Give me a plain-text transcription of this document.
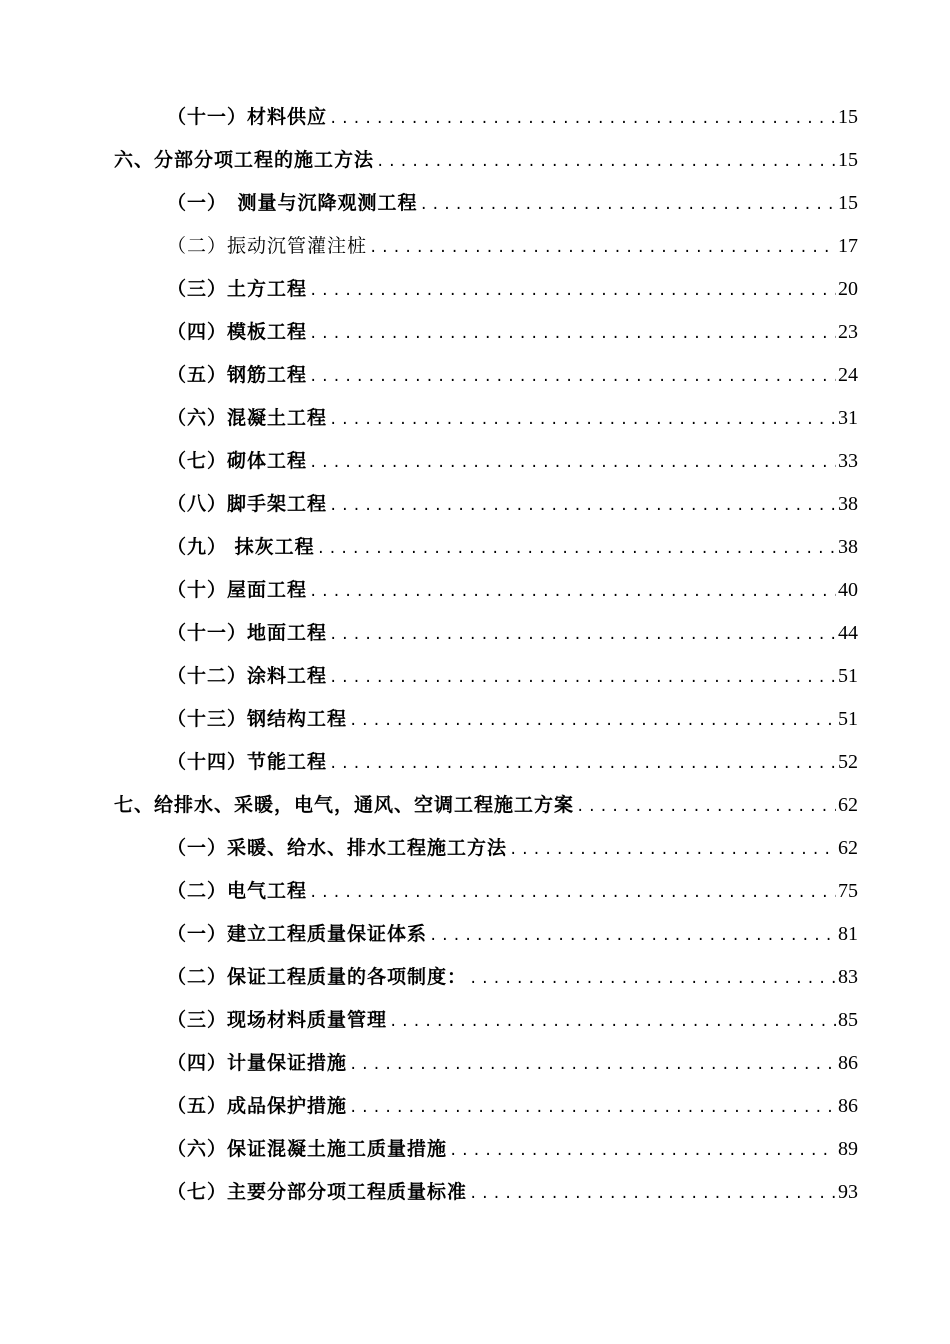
（十一）材料供应 .....	15
六、分部分项工程的施工方法 .....	15
（一）　测量与沉降观测工程 .....	15
（二）振动沉管灌注桩 .....	17
（三）土方工程 .....	20
（四）模板工程 .....	23
（五）钢筋工程 .....	24
（六）混凝土工程 .....	31
（七）砌体工程 .....	33
（八）脚手架工程 .....	38
（九） 抹灰工程 .....	38
（十）屋面工程 .....	40
（十一）地面工程 .....	44
（十二）涂料工程 .....	51
（十三）钢结构工程 .....	51
（十四）节能工程 .....	52
七、给排水、采暖，电气，通风、空调工程施工方案 .....	62
（一）采暖、给水、排水工程施工方法 .....	62
（二）电气工程 .....	75
（一）建立工程质量保证体系 .....	81
（二）保证工程质量的各项制度： .....	83
（三）现场材料质量管理 .....	85
（四）计量保证措施 .....	86
（五）成品保护措施 .....	86
（六）保证混凝土施工质量措施 .....	89
（七）主要分部分项工程质量标准 .....	93
